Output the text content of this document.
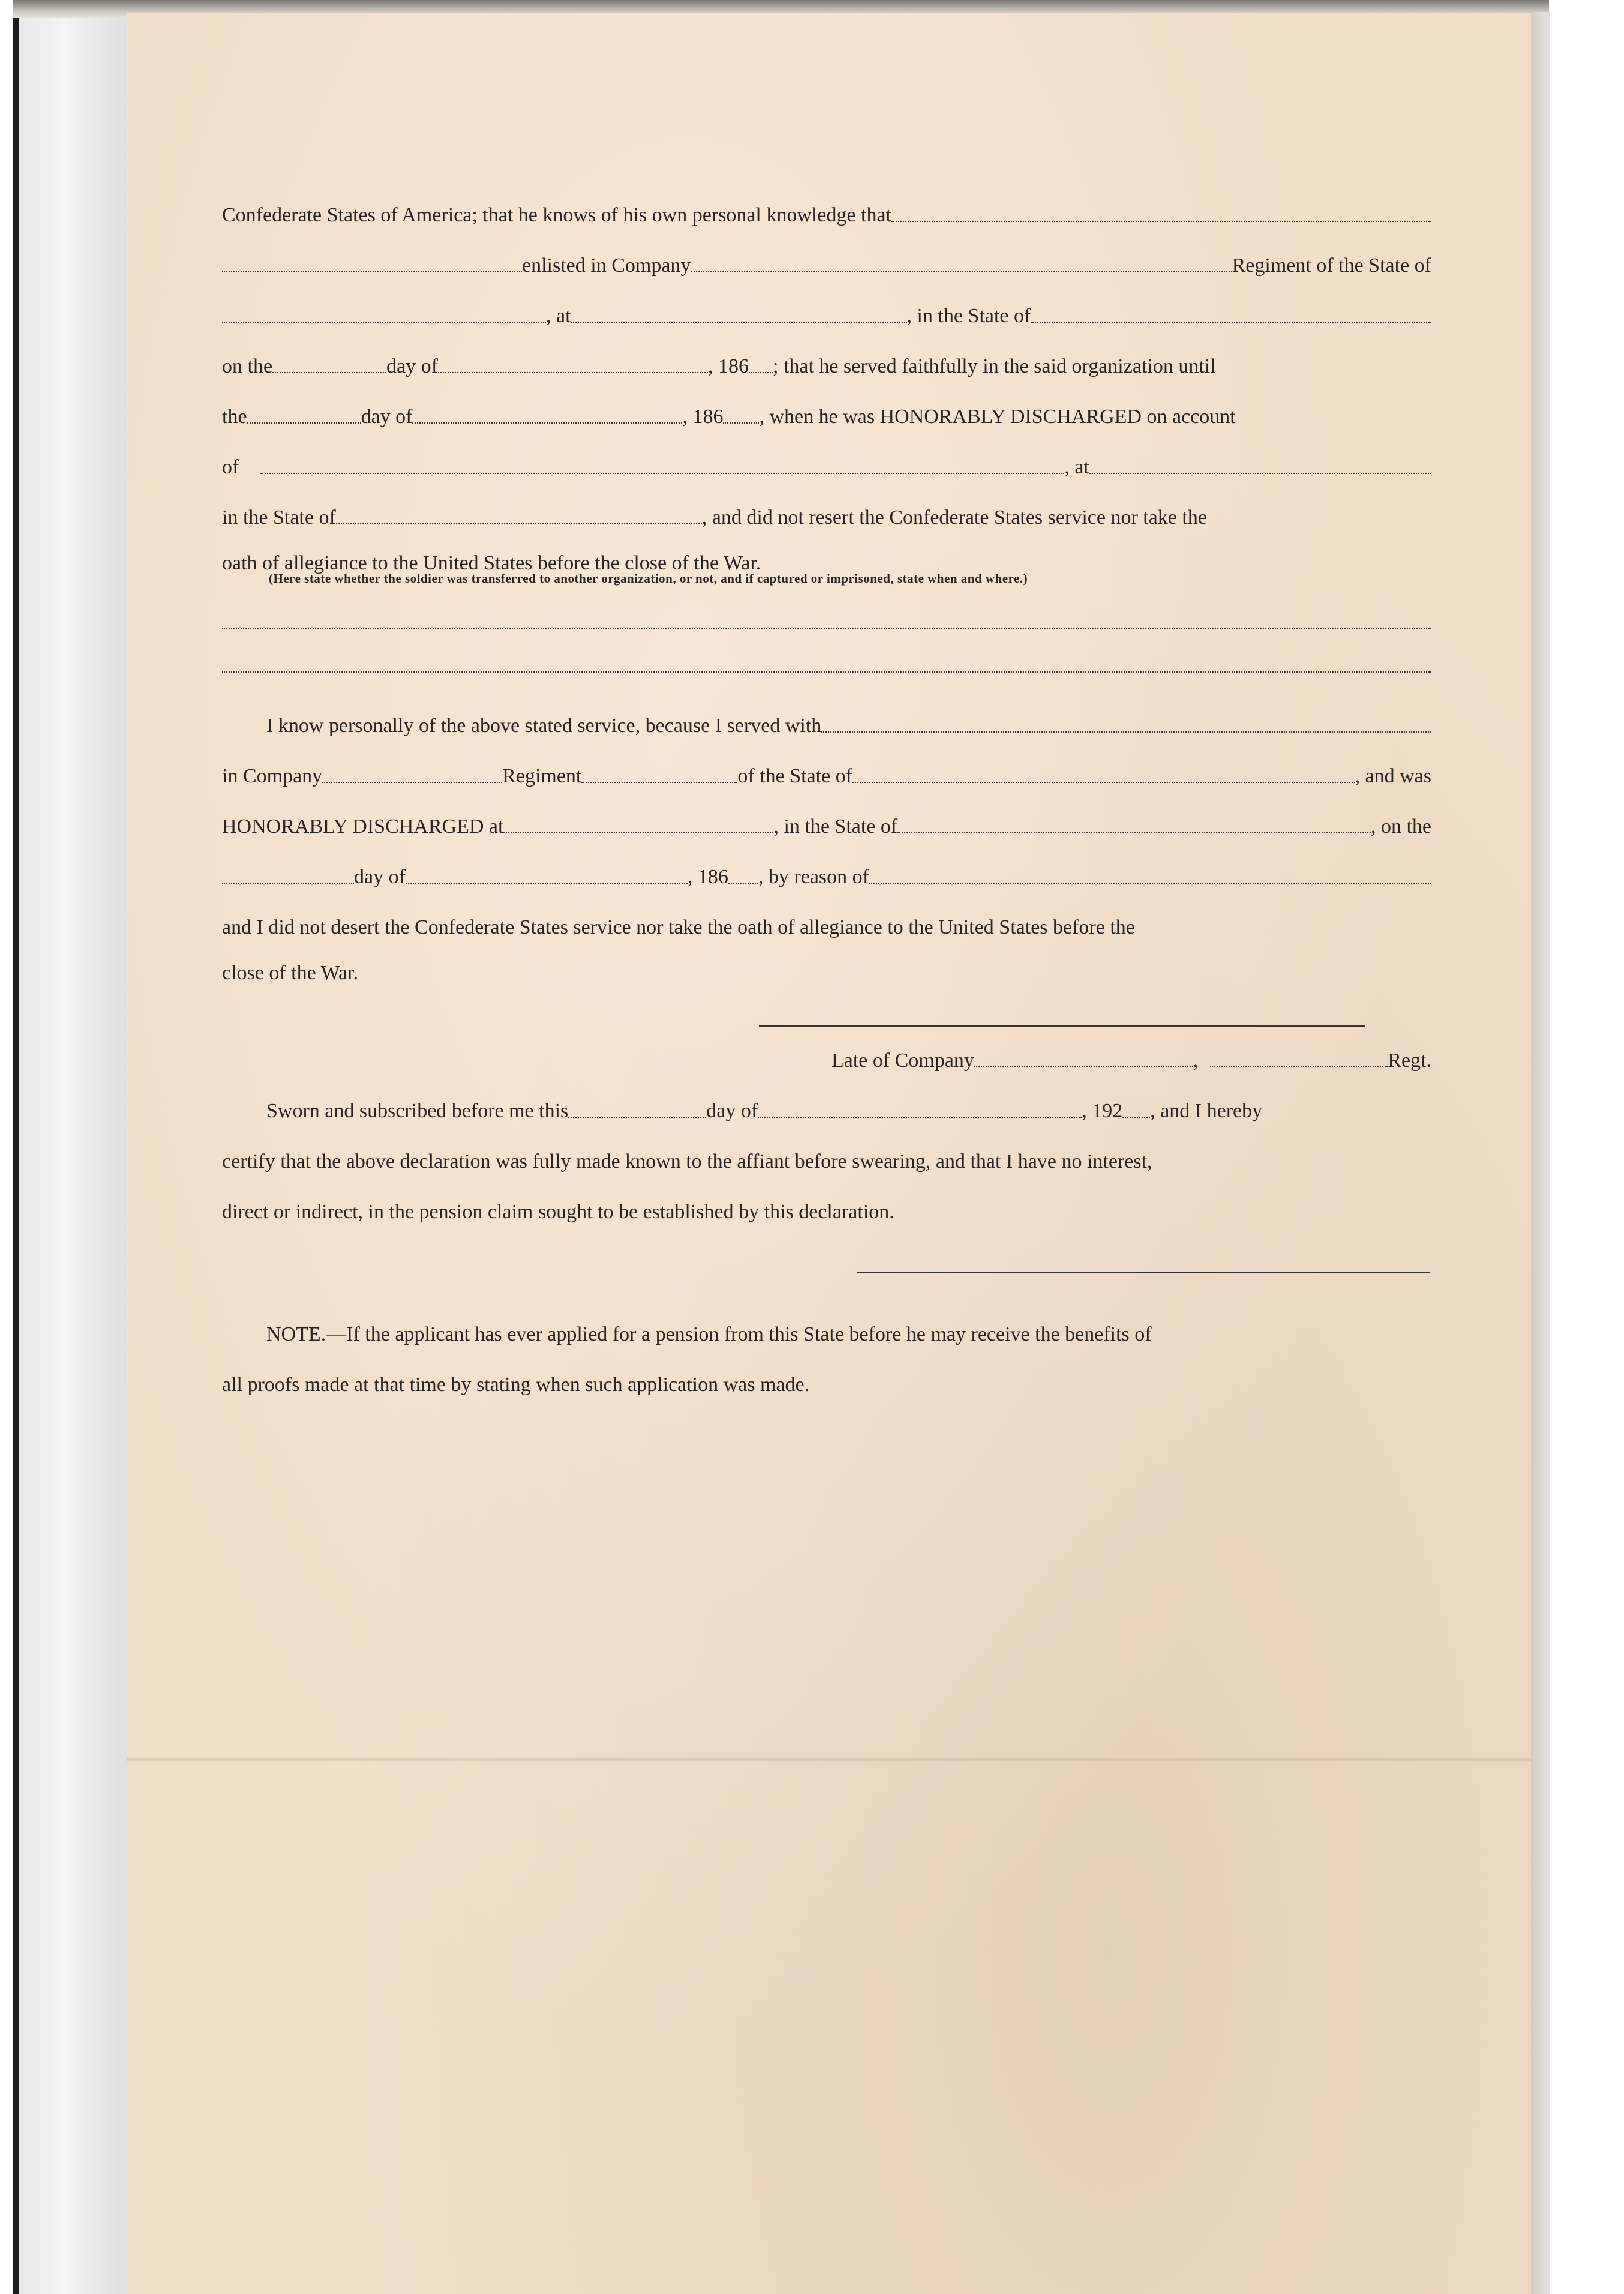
Confederate States of America; that he knows of his own personal knowledge that
enlisted in Company	Regiment of the State of
, at	, in the State of
on the	day of	, 186 ; that he served faithfully in the said organization until
the	day of	, 186 , when he was HONORABLY DISCHARGED on account
of	, at
in the State of	, and did not resert the Confederate States service nor take the
oath of allegiance to the United States before the close of the War.
(Here state whether the soldier was transferred to another organization, or not, and if captured or imprisoned, state when and where.)
I know personally of the above stated service, because I served with
in Company	Regiment	of the State of	, and was
HONORABLY DISCHARGED at	, in the State of	, on the
day of	, 186 , by reason of
and I did not desert the Confederate States service nor take the oath of allegiance to the United States before the
close of the War.
Late of Company	,	Regt.
Sworn and subscribed before me this	day of	, 192 , and I hereby
certify that the above declaration was fully made known to the affiant before swearing, and that I have no interest,
direct or indirect, in the pension claim sought to be established by this declaration.
NOTE.—If the applicant has ever applied for a pension from this State before he may receive the benefits of
all proofs made at that time by stating when such application was made.
